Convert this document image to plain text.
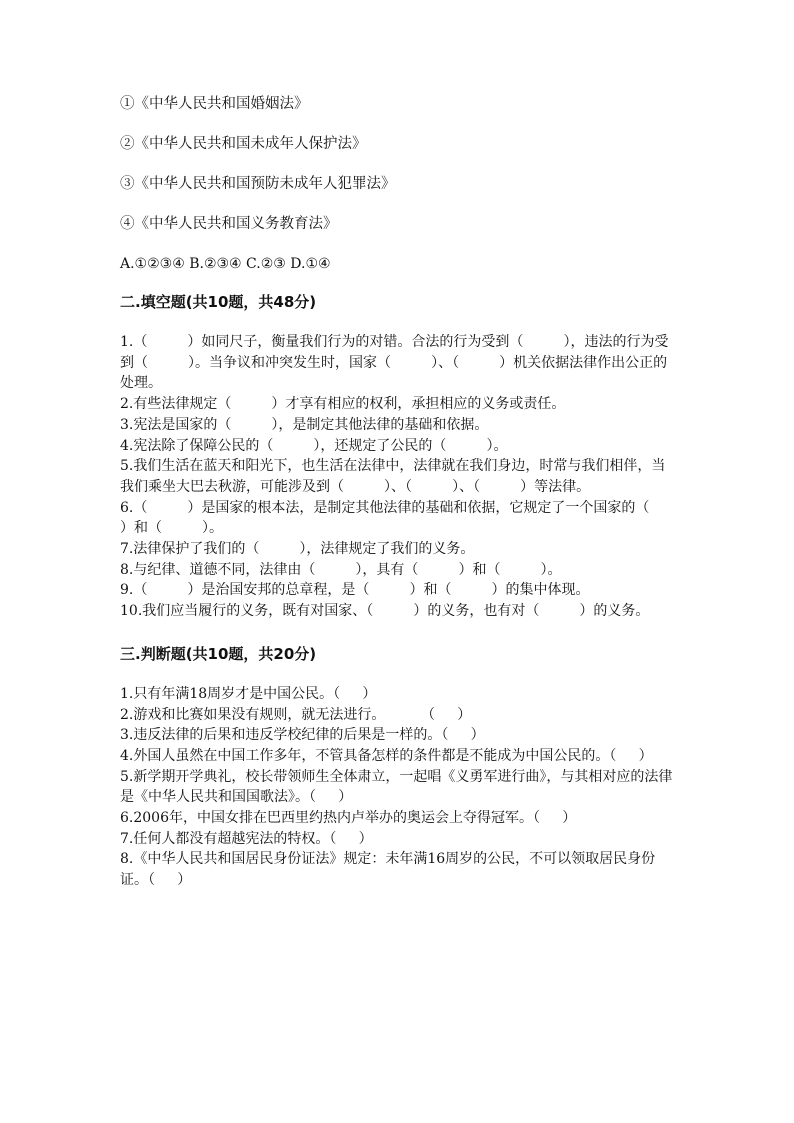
①《中华人民共和国婚姻法》

②《中华人民共和国未成年人保护法》

③《中华人民共和国预防未成年人犯罪法》

④《中华人民共和国义务教育法》

A.①②③④ B.②③④ C.②③ D.①④

二.填空题(共10题，共48分)

1.（         ）如同尺子，衡量我们行为的对错。合法的行为受到（         ），违法的行为受到（         ）。当争议和冲突发生时，国家（         ）、（         ）机关依据法律作出公正的处理。

2.有些法律规定（         ）才享有相应的权利，承担相应的义务或责任。

3.宪法是国家的（         ），是制定其他法律的基础和依据。

4.宪法除了保障公民的（         ），还规定了公民的（         ）。

5.我们生活在蓝天和阳光下，也生活在法律中，法律就在我们身边，时常与我们相伴，当我们乘坐大巴去秋游，可能涉及到（         ）、（         ）、（         ）等法律。

6.（         ）是国家的根本法，是制定其他法律的基础和依据，它规定了一个国家的（         ）和（         ）。

7.法律保护了我们的（         ），法律规定了我们的义务。

8.与纪律、道德不同，法律由（         ），具有（         ）和（         ）。

9.（         ）是治国安邦的总章程，是（         ）和（         ）的集中体现。

10.我们应当履行的义务，既有对国家、（         ）的义务，也有对（         ）的义务。

三.判断题(共10题，共20分)

1.只有年满18周岁才是中国公民。（     ）

2.游戏和比赛如果没有规则，就无法进行。        （     ）

3.违反法律的后果和违反学校纪律的后果是一样的。（     ）

4.外国人虽然在中国工作多年，不管具备怎样的条件都是不能成为中国公民的。（     ）

5.新学期开学典礼，校长带领师生全体肃立，一起唱《义勇军进行曲》，与其相对应的法律是《中华人民共和国国歌法》。（     ）

6.2006年，中国女排在巴西里约热内卢举办的奥运会上夺得冠军。（     ）

7.任何人都没有超越宪法的特权。（     ）

8.《中华人民共和国居民身份证法》规定：未年满16周岁的公民，不可以领取居民身份证。（     ）
